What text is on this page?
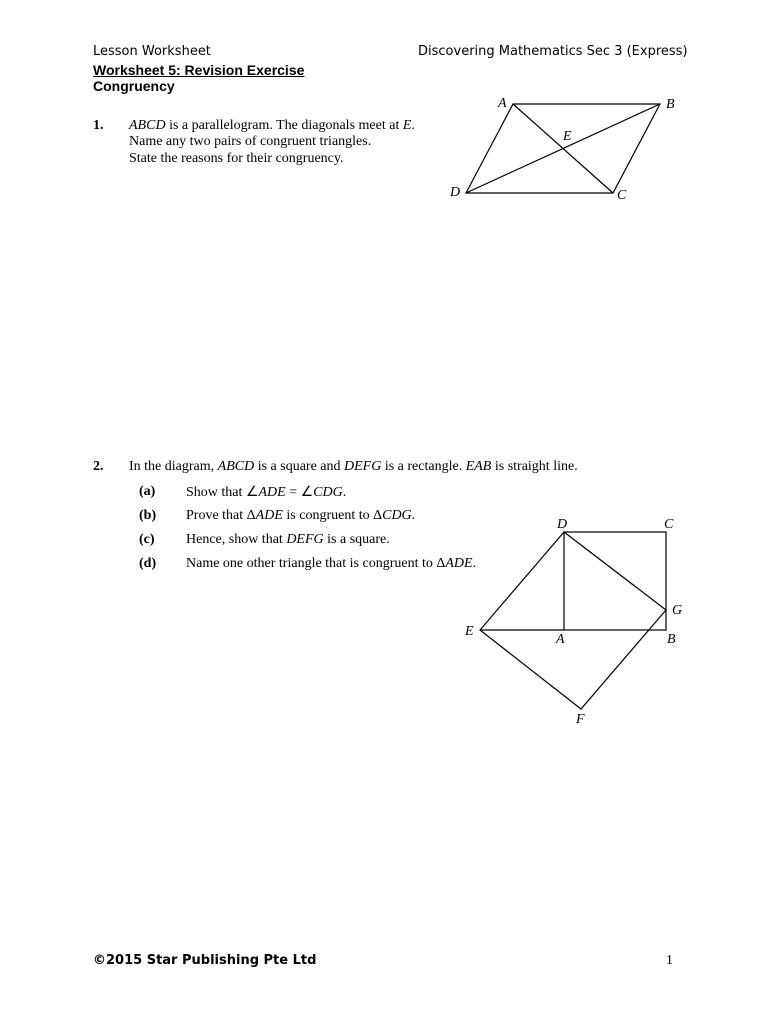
Lesson Worksheet	Discovering Mathematics Sec 3 (Express)
Worksheet 5: Revision Exercise
Congruency
1. ABCD is a parallelogram. The diagonals meet at E.
Name any two pairs of congruent triangles.
State the reasons for their congruency.
A	B
C
D
E
2. In the diagram, ABCD is a square and DEFG is a rectangle. EAB is straight line.
(a) Show that ∠ADE = ∠CDG.
(b) Prove that ΔADE is congruent to ΔCDG.
(c) Hence, show that DEFG is a square.
(d) Name one other triangle that is congruent to ΔADE.
D	C
G
E
A	B
F
©2015 Star Publishing Pte Ltd	1
